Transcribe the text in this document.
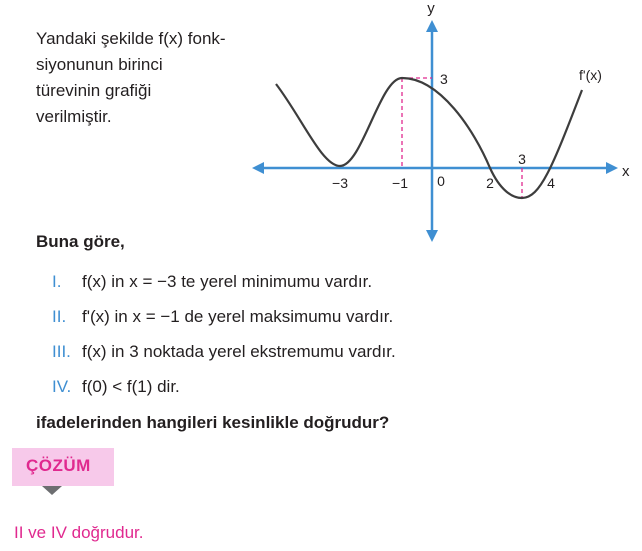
Yandaki şekilde f(x) fonk-
siyonunun birinci
türevinin grafiği
verilmiştir.
y
x
f'(x)
3
3
−3	−1 0	2	4
Buna göre,
I.	f(x) in x = −3 te yerel minimumu vardır.
II. f'(x) in x = −1 de yerel maksimumu vardır.
III. f(x) in 3 noktada yerel ekstremumu vardır.
IV. f(0) < f(1) dir.
ifadelerinden hangileri kesinlikle doğrudur?
ÇÖZÜM
II ve IV doğrudur.
